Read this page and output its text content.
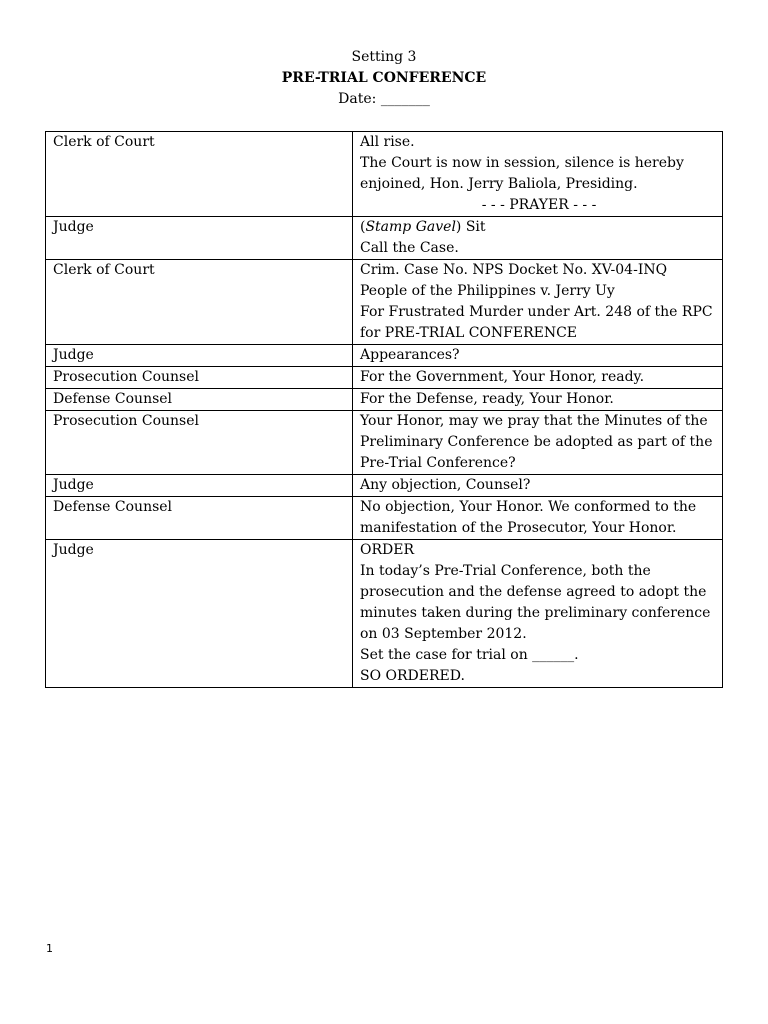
Setting 3
PRE-TRIAL CONFERENCE
Date: _______
Clerk of Court	All rise.
The Court is now in session, silence is hereby enjoined, Hon. Jerry Baliola, Presiding.
- - - PRAYER - - -

Judge	(Stamp Gavel) Sit
Call the Case.

Clerk of Court	Crim. Case No. NPS Docket No. XV-04-INQ
People of the Philippines v. Jerry Uy
For Frustrated Murder under Art. 248 of the RPC for PRE-TRIAL CONFERENCE

Judge	Appearances?

Prosecution Counsel	For the Government, Your Honor, ready.

Defense Counsel	For the Defense, ready, Your Honor.

Prosecution Counsel	Your Honor, may we pray that the Minutes of the Preliminary Conference be adopted as part of the Pre-Trial Conference?

Judge	Any objection, Counsel?

Defense Counsel	No objection, Your Honor. We conformed to the manifestation of the Prosecutor, Your Honor.

Judge	ORDER
In today’s Pre-Trial Conference, both the prosecution and the defense agreed to adopt the minutes taken during the preliminary conference on 03 September 2012.
Set the case for trial on ______.
SO ORDERED.
1
